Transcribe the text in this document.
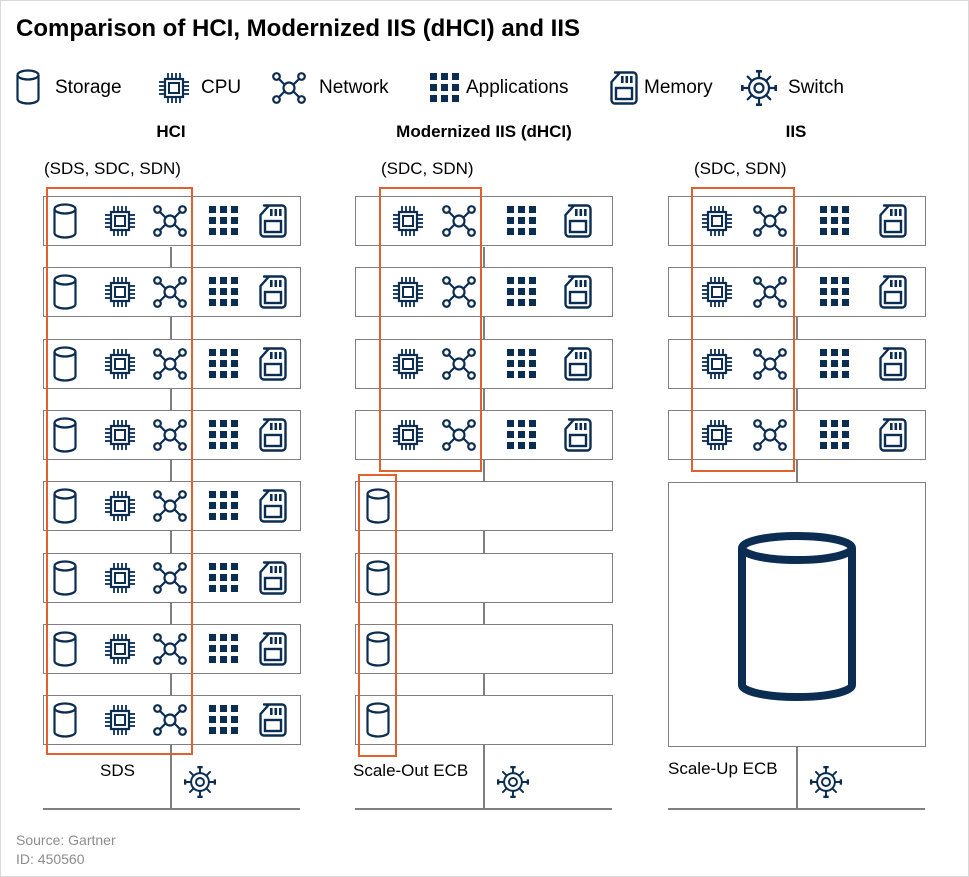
Comparison of HCI, Modernized IIS (dHCI) and IIS
Storage	CPU	Network	Applications	Memory	Switch
HCI	Modernized IIS (dHCI)	IIS
(SDS, SDC, SDN)	(SDC, SDN)	(SDC, SDN)
SDS	Scale-Out ECB	Scale-Up ECB
Source: Gartner
ID: 450560
